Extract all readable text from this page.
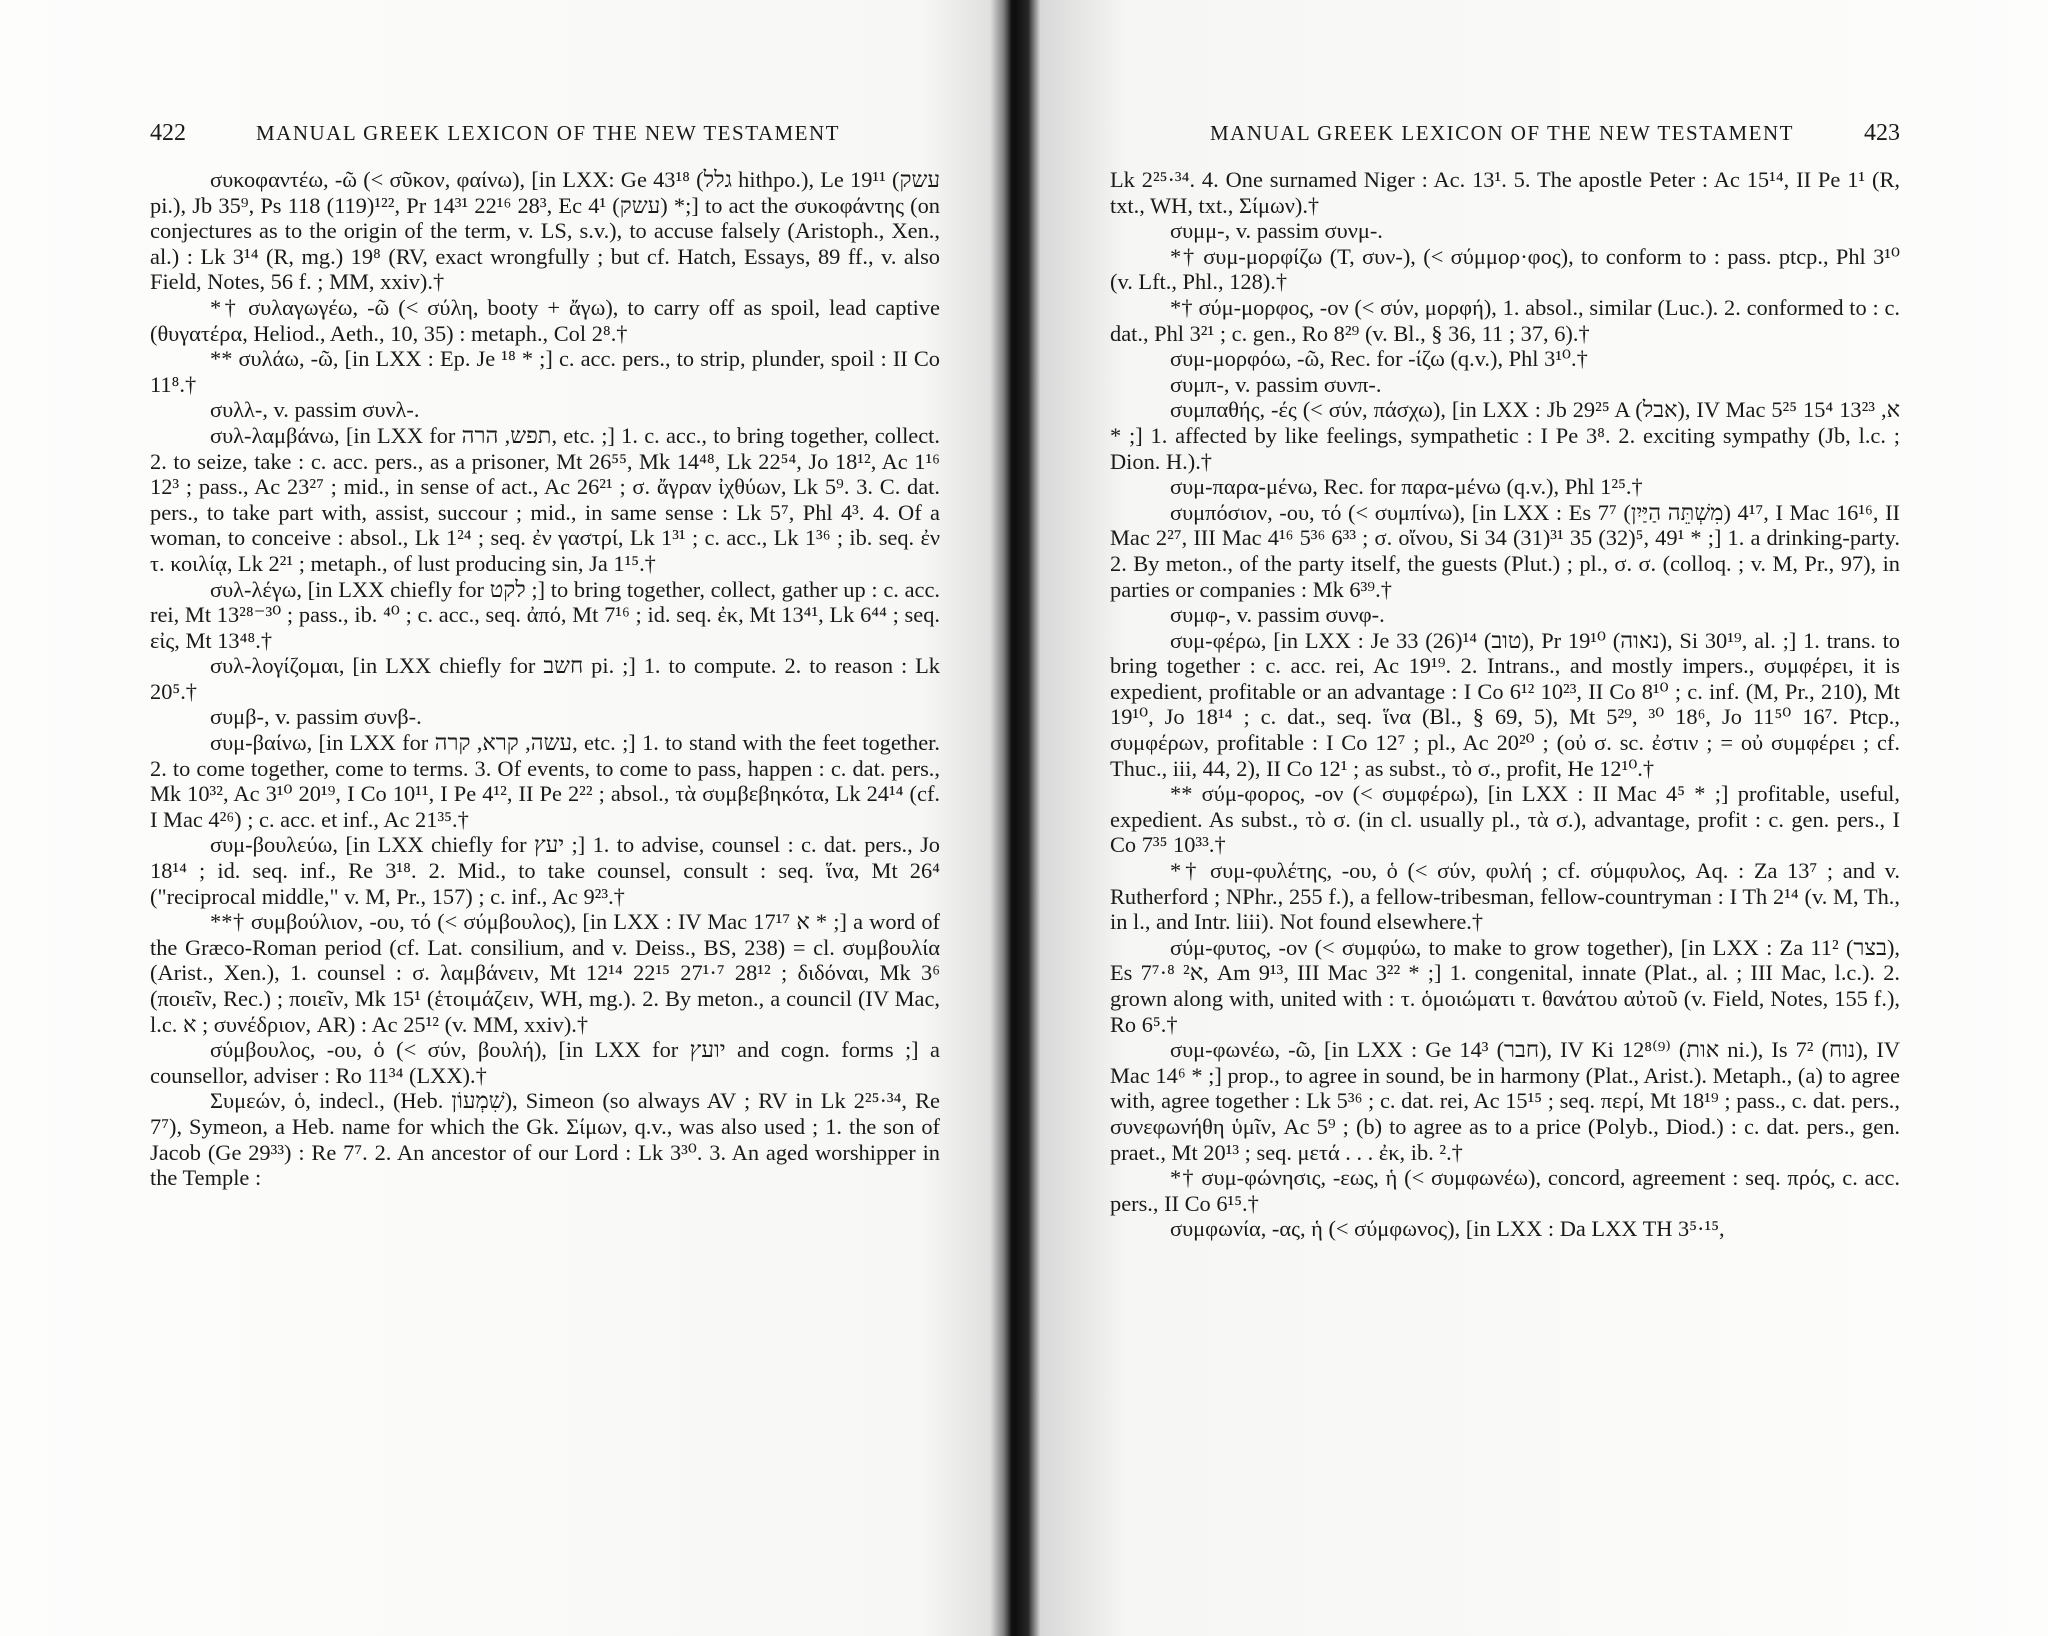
422	MANUAL GREEK LEXICON OF THE NEW TESTAMENT

συκοφαντέω, -ῶ (< σῦκον, φαίνω), [in LXX: Ge 43¹⁸ (גלל hithpo.), Le 19¹¹ (עשק pi.), Jb 35⁹, Ps 118 (119)¹²², Pr 14³¹ 22¹⁶ 28³, Ec 4¹ (עשק) *;] to act the συκοφάντης (on conjectures as to the origin of the term, v. LS, s.v.), to accuse falsely (Aristoph., Xen., al.) : Lk 3¹⁴ (R, mg.) 19⁸ (RV, exact wrongfully ; but cf. Hatch, Essays, 89 ff., v. also Field, Notes, 56 f. ; MM, xxiv).†

*† συλαγωγέω, -ῶ (< σύλη, booty + ἄγω), to carry off as spoil, lead captive (θυγατέρα, Heliod., Aeth., 10, 35) : metaph., Col 2⁸.†

** συλάω, -ῶ, [in LXX : Ep. Je ¹⁸ * ;] c. acc. pers., to strip, plunder, spoil : II Co 11⁸.†

συλλ-, v. passim συνλ-.

συλ-λαμβάνω, [in LXX for תפש, הרה, etc. ;] 1. c. acc., to bring together, collect. 2. to seize, take : c. acc. pers., as a prisoner, Mt 26⁵⁵, Mk 14⁴⁸, Lk 22⁵⁴, Jo 18¹², Ac 1¹⁶ 12³ ; pass., Ac 23²⁷ ; mid., in sense of act., Ac 26²¹ ; σ. ἄγραν ἰχθύων, Lk 5⁹. 3. C. dat. pers., to take part with, assist, succour ; mid., in same sense : Lk 5⁷, Phl 4³. 4. Of a woman, to conceive : absol., Lk 1²⁴ ; seq. ἐν γαστρί, Lk 1³¹ ; c. acc., Lk 1³⁶ ; ib. seq. ἐν τ. κοιλίᾳ, Lk 2²¹ ; metaph., of lust producing sin, Ja 1¹⁵.†

συλ-λέγω, [in LXX chiefly for לקט ;] to bring together, collect, gather up : c. acc. rei, Mt 13²⁸⁻³⁰ ; pass., ib. ⁴⁰ ; c. acc., seq. ἀπό, Mt 7¹⁶ ; id. seq. ἐκ, Mt 13⁴¹, Lk 6⁴⁴ ; seq. εἰς, Mt 13⁴⁸.†

συλ-λογίζομαι, [in LXX chiefly for חשב pi. ;] 1. to compute. 2. to reason : Lk 20⁵.†

συμβ-, v. passim συνβ-.

συμ-βαίνω, [in LXX for עשה, קרא, קרה, etc. ;] 1. to stand with the feet together. 2. to come together, come to terms. 3. Of events, to come to pass, happen : c. dat. pers., Mk 10³², Ac 3¹⁰ 20¹⁹, I Co 10¹¹, I Pe 4¹², II Pe 2²² ; absol., τὰ συμβεβηκότα, Lk 24¹⁴ (cf. I Mac 4²⁶) ; c. acc. et inf., Ac 21³⁵.†

συμ-βουλεύω, [in LXX chiefly for יעץ ;] 1. to advise, counsel : c. dat. pers., Jo 18¹⁴ ; id. seq. inf., Re 3¹⁸. 2. Mid., to take counsel, consult : seq. ἵνα, Mt 26⁴ ("reciprocal middle," v. M, Pr., 157) ; c. inf., Ac 9²³.†

**† συμβούλιον, -ου, τό (< σύμβουλος), [in LXX : IV Mac 17¹⁷ א * ;] a word of the Græco-Roman period (cf. Lat. consilium, and v. Deiss., BS, 238) = cl. συμβουλία (Arist., Xen.), 1. counsel : σ. λαμβάνειν, Mt 12¹⁴ 22¹⁵ 27¹·⁷ 28¹² ; διδόναι, Mk 3⁶ (ποιεῖν, Rec.) ; ποιεῖν, Mk 15¹ (ἑτοιμάζειν, WH, mg.). 2. By meton., a council (IV Mac, l.c. א ; συνέδριον, AR) : Ac 25¹² (v. MM, xxiv).†

σύμβουλος, -ου, ὁ (< σύν, βουλή), [in LXX for יועץ and cogn. forms ;] a counsellor, adviser : Ro 11³⁴ (LXX).†

Συμεών, ὁ, indecl., (Heb. שִׁמְעוֹן), Simeon (so always AV ; RV in Lk 2²⁵·³⁴, Re 7⁷), Symeon, a Heb. name for which the Gk. Σίμων, q.v., was also used ; 1. the son of Jacob (Ge 29³³) : Re 7⁷. 2. An ancestor of our Lord : Lk 3³⁰. 3. An aged worshipper in the Temple :

MANUAL GREEK LEXICON OF THE NEW TESTAMENT	423

Lk 2²⁵·³⁴. 4. One surnamed Niger : Ac. 13¹. 5. The apostle Peter : Ac 15¹⁴, II Pe 1¹ (R, txt., WH, txt., Σίμων).†

συμμ-, v. passim συνμ-.

*† συμ-μορφίζω (T, συν-), (< σύμμορ·φος), to conform to : pass. ptcp., Phl 3¹⁰ (v. Lft., Phl., 128).†

*† σύμ-μορφος, -ον (< σύν, μορφή), 1. absol., similar (Luc.). 2. conformed to : c. dat., Phl 3²¹ ; c. gen., Ro 8²⁹ (v. Bl., § 36, 11 ; 37, 6).†

συμ-μορφόω, -ῶ, Rec. for -ίζω (q.v.), Phl 3¹⁰.†

συμπ-, v. passim συνπ-.

συμπαθής, -ές (< σύν, πάσχω), [in LXX : Jb 29²⁵ A (אבל), IV Mac 5²⁵ א, 13²³ 15⁴ * ;] 1. affected by like feelings, sympathetic : I Pe 3⁸. 2. exciting sympathy (Jb, l.c. ; Dion. H.).†

συμ-παρα-μένω, Rec. for παρα-μένω (q.v.), Phl 1²⁵.†

συμπόσιον, -ου, τό (< συμπίνω), [in LXX : Es 7⁷ (מִשְׁתֵּה הַיַּיִן) 4¹⁷, I Mac 16¹⁶, II Mac 2²⁷, III Mac 4¹⁶ 5³⁶ 6³³ ; σ. οἴνου, Si 34 (31)³¹ 35 (32)⁵, 49¹ * ;] 1. a drinking-party. 2. By meton., of the party itself, the guests (Plut.) ; pl., σ. σ. (colloq. ; v. M, Pr., 97), in parties or companies : Mk 6³⁹.†

συμφ-, v. passim συνφ-.

συμ-φέρω, [in LXX : Je 33 (26)¹⁴ (טוב), Pr 19¹⁰ (נאוה), Si 30¹⁹, al. ;] 1. trans. to bring together : c. acc. rei, Ac 19¹⁹. 2. Intrans., and mostly impers., συμφέρει, it is expedient, profitable or an advantage : I Co 6¹² 10²³, II Co 8¹⁰ ; c. inf. (M, Pr., 210), Mt 19¹⁰, Jo 18¹⁴ ; c. dat., seq. ἵνα (Bl., § 69, 5), Mt 5²⁹, ³⁰ 18⁶, Jo 11⁵⁰ 16⁷. Ptcp., συμφέρων, profitable : I Co 12⁷ ; pl., Ac 20²⁰ ; (οὐ σ. sc. ἐστιν ; = οὐ συμφέρει ; cf. Thuc., iii, 44, 2), II Co 12¹ ; as subst., τὸ σ., profit, He 12¹⁰.†

** σύμ-φορος, -ον (< συμφέρω), [in LXX : II Mac 4⁵ * ;] profitable, useful, expedient. As subst., τὸ σ. (in cl. usually pl., τὰ σ.), advantage, profit : c. gen. pers., I Co 7³⁵ 10³³.†

*† συμ-φυλέτης, -ου, ὁ (< σύν, φυλή ; cf. σύμφυλος, Aq. : Za 13⁷ ; and v. Rutherford ; NPhr., 255 f.), a fellow-tribesman, fellow-countryman : I Th 2¹⁴ (v. M, Th., in l., and Intr. liii). Not found elsewhere.†

σύμ-φυτος, -ον (< συμφύω, to make to grow together), [in LXX : Za 11² (בצר), Es 7⁷·⁸ א², Am 9¹³, III Mac 3²² * ;] 1. congenital, innate (Plat., al. ; III Mac, l.c.). 2. grown along with, united with : τ. ὁμοιώματι τ. θανάτου αὐτοῦ (v. Field, Notes, 155 f.), Ro 6⁵.†

συμ-φωνέω, -ῶ, [in LXX : Ge 14³ (חבר), IV Ki 12⁸⁽⁹⁾ (אות ni.), Is 7² (נוח), IV Mac 14⁶ * ;] prop., to agree in sound, be in harmony (Plat., Arist.). Metaph., (a) to agree with, agree together : Lk 5³⁶ ; c. dat. rei, Ac 15¹⁵ ; seq. περί, Mt 18¹⁹ ; pass., c. dat. pers., συνεφωνήθη ὑμῖν, Ac 5⁹ ; (b) to agree as to a price (Polyb., Diod.) : c. dat. pers., gen. praet., Mt 20¹³ ; seq. μετά . . . ἐκ, ib. ².†

*† συμ-φώνησις, -εως, ἡ (< συμφωνέω), concord, agreement : seq. πρός, c. acc. pers., II Co 6¹⁵.†

συμφωνία, -ας, ἡ (< σύμφωνος), [in LXX : Da LXX TH 3⁵·¹⁵,
